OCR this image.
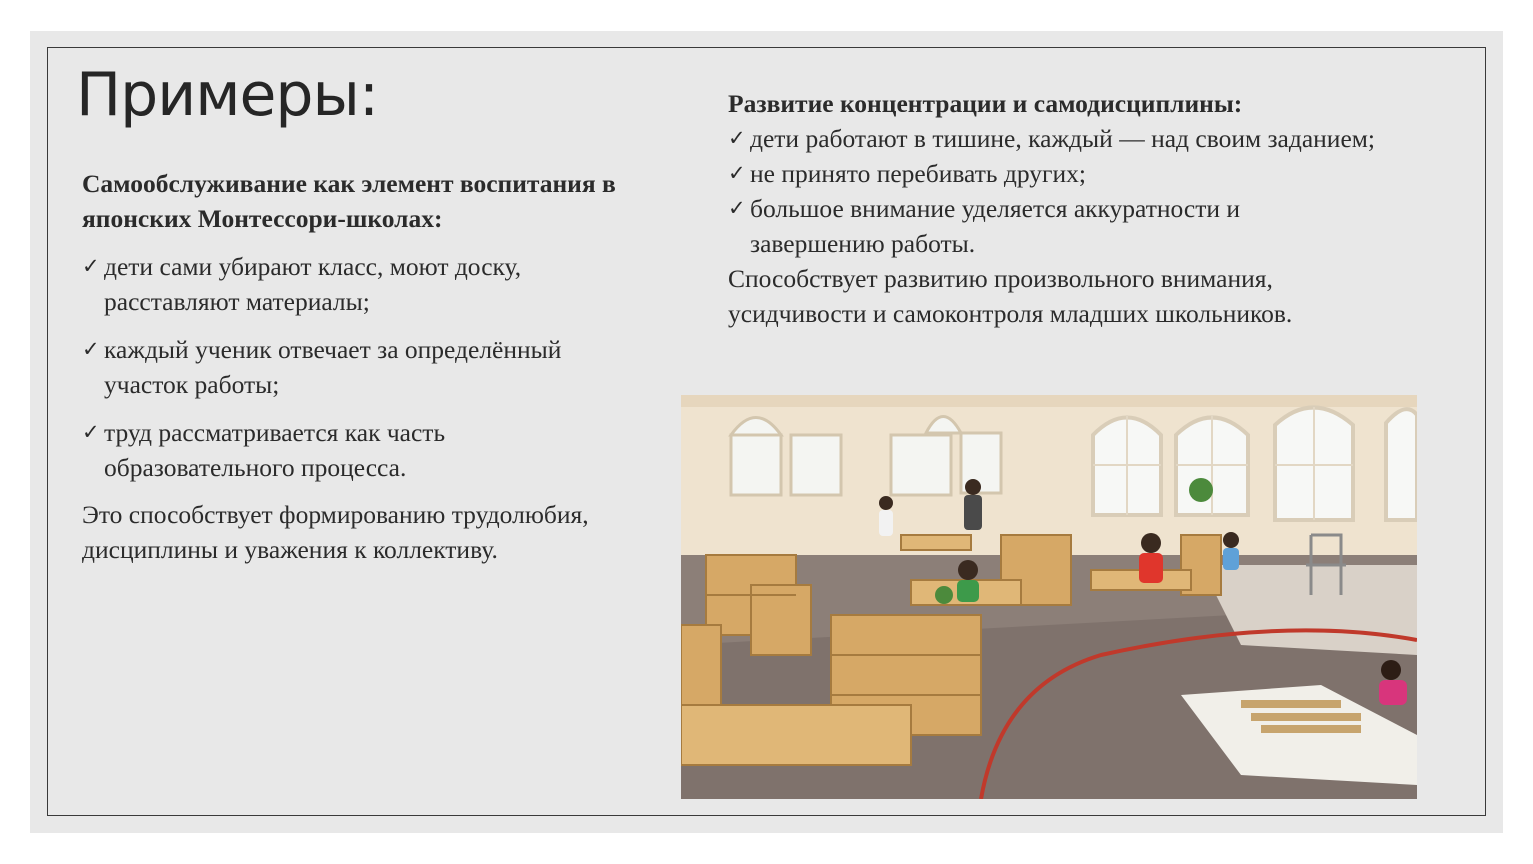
Примеры:
Самообслуживание как элемент воспитания в японских Монтессори-школах:
✓ дети сами убирают класс, моют доску, расставляют материалы;
✓ каждый ученик отвечает за определённый участок работы;
✓ труд рассматривается как часть образовательного процесса.
Это способствует формированию трудолюбия, дисциплины и уважения к коллективу.
Развитие концентрации и самодисциплины:
✓ дети работают в тишине, каждый — над своим заданием;
✓ не принято перебивать других;
✓ большое внимание уделяется аккуратности и завершению работы.
Способствует развитию произвольного внимания, усидчивости и самоконтроля младших школьников.
